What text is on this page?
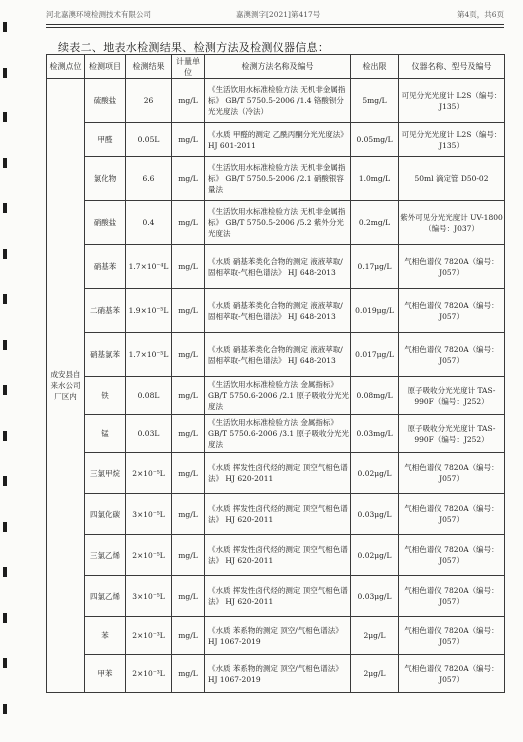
河北嘉澳环境检测技术有限公司	嘉澳测字[2021]第417号	第4页，共6页
续表二、地表水检测结果、检测方法及检测仪器信息：
检测点位	检测项目	检测结果	计量单位	检测方法名称及编号	检出限	仪器名称、型号及编号
成安县自来水公司厂区内	硫酸盐	26	mg/L	《生活饮用水标准检验方法 无机非金属指标》 GB/T 5750.5-2006 /1.4 铬酸钡分光光度法（冷法）	5mg/L	可见分光光度计 L2S（编号：J135）
	甲醛	0.05L	mg/L	《水质 甲醛的测定 乙酰丙酮分光光度法》 HJ 601-2011	0.05mg/L	可见分光光度计 L2S（编号：J135）
	氯化物	6.6	mg/L	《生活饮用水标准检验方法 无机非金属指标》 GB/T 5750.5-2006 /2.1 硝酸银容量法	1.0mg/L	50ml 滴定管 D50-02
	硝酸盐	0.4	mg/L	《生活饮用水标准检验方法 无机非金属指标》 GB/T 5750.5-2006 /5.2 紫外分光光度法	0.2mg/L	紫外可见分光光度计 UV-1800（编号：J037）
	硝基苯	1.7×10⁻⁴L	mg/L	《水质 硝基苯类化合物的测定 液液萃取/固相萃取-气相色谱法》 HJ 648-2013	0.17μg/L	气相色谱仪 7820A（编号：J057）
	二硝基苯	1.9×10⁻⁵L	mg/L	《水质 硝基苯类化合物的测定 液液萃取/固相萃取-气相色谱法》 HJ 648-2013	0.019μg/L	气相色谱仪 7820A（编号：J057）
	硝基氯苯	1.7×10⁻⁵L	mg/L	《水质 硝基苯类化合物的测定 液液萃取/固相萃取-气相色谱法》 HJ 648-2013	0.017μg/L	气相色谱仪 7820A（编号：J057）
	铁	0.08L	mg/L	《生活饮用水标准检验方法 金属指标》 GB/T 5750.6-2006 /2.1 原子吸收分光光度法	0.08mg/L	原子吸收分光光度计 TAS-990F（编号：J252）
	锰	0.03L	mg/L	《生活饮用水标准检验方法 金属指标》 GB/T 5750.6-2006 /3.1 原子吸收分光光度法	0.03mg/L	原子吸收分光光度计 TAS-990F（编号：J252）
	三氯甲烷	2×10⁻⁵L	mg/L	《水质 挥发性卤代烃的测定 顶空气相色谱法》 HJ 620-2011	0.02μg/L	气相色谱仪 7820A（编号：J057）
	四氯化碳	3×10⁻⁵L	mg/L	《水质 挥发性卤代烃的测定 顶空气相色谱法》 HJ 620-2011	0.03μg/L	气相色谱仪 7820A（编号：J057）
	三氯乙烯	2×10⁻⁵L	mg/L	《水质 挥发性卤代烃的测定 顶空气相色谱法》 HJ 620-2011	0.02μg/L	气相色谱仪 7820A（编号：J057）
	四氯乙烯	3×10⁻⁵L	mg/L	《水质 挥发性卤代烃的测定 顶空气相色谱法》 HJ 620-2011	0.03μg/L	气相色谱仪 7820A（编号：J057）
	苯	2×10⁻³L	mg/L	《水质 苯系物的测定 顶空/气相色谱法》 HJ 1067-2019	2μg/L	气相色谱仪 7820A（编号：J057）
	甲苯	2×10⁻³L	mg/L	《水质 苯系物的测定 顶空/气相色谱法》 HJ 1067-2019	2μg/L	气相色谱仪 7820A（编号：J057）
